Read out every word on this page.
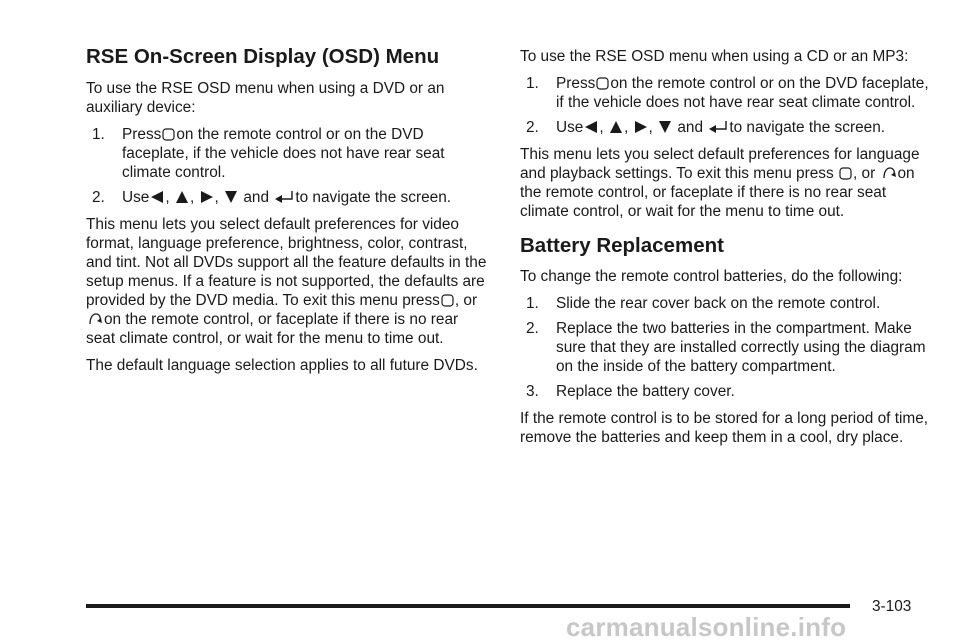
RSE On-Screen Display (OSD) Menu

To use the RSE OSD menu when using a DVD or an auxiliary device:

1. Press on the remote control or on the DVD faceplate, if the vehicle does not have rear seat climate control.
2. Use , , , and to navigate the screen.

This menu lets you select default preferences for video format, language preference, brightness, color, contrast, and tint. Not all DVDs support all the feature defaults in the setup menus. If a feature is not supported, the defaults are provided by the DVD media. To exit this menu press , or
on the remote control, or faceplate if there is no rear seat climate control, or wait for the menu to time out.

The default language selection applies to all future DVDs.

To use the RSE OSD menu when using a CD or an MP3:

1. Press on the remote control or on the DVD faceplate, if the vehicle does not have rear seat climate control.
2. Use , , , and to navigate the screen.

This menu lets you select default preferences for language and playback settings. To exit this menu press , or on the remote control, or faceplate if there is no rear seat climate control, or wait for the menu to time out.

Battery Replacement

To change the remote control batteries, do the following:

1. Slide the rear cover back on the remote control.
2. Replace the two batteries in the compartment. Make sure that they are installed correctly using the diagram on the inside of the battery compartment.
3. Replace the battery cover.

If the remote control is to be stored for a long period of time, remove the batteries and keep them in a cool, dry place.

3-103
carmanualsonline.info
